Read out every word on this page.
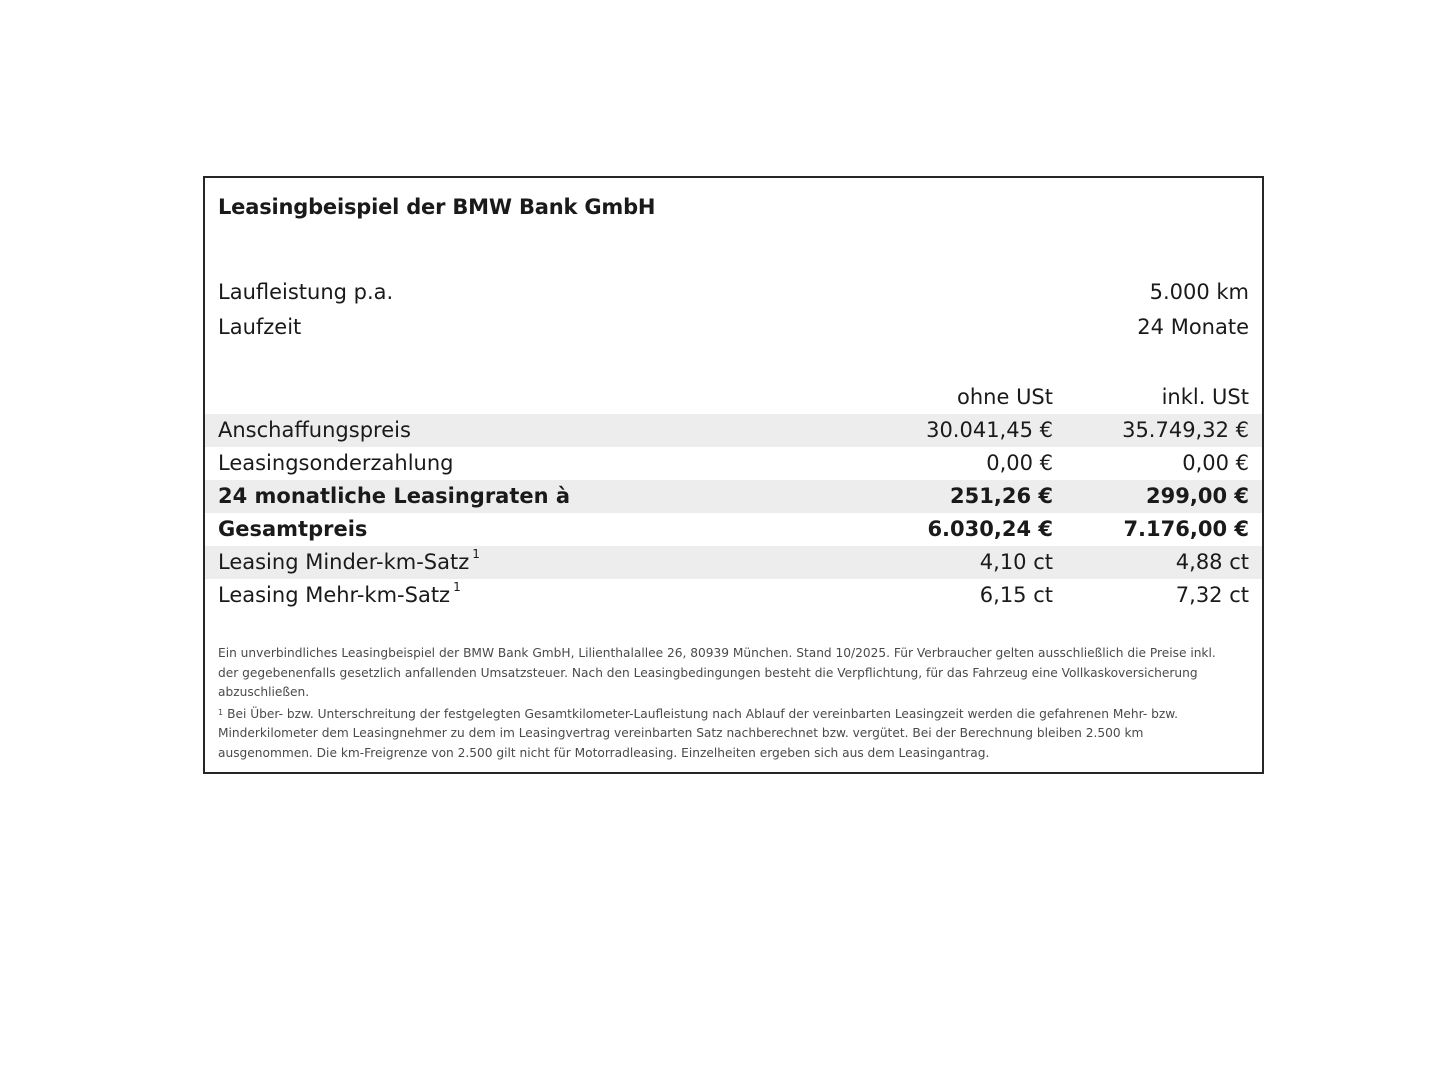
Leasingbeispiel der BMW Bank GmbH
Laufleistung p.a.	5.000 km
Laufzeit	24 Monate
ohne USt	inkl. USt
Anschaffungspreis	30.041,45 €	35.749,32 €
Leasingsonderzahlung	0,00 €	0,00 €
24 monatliche Leasingraten à	251,26 €	299,00 €
Gesamtpreis	6.030,24 €	7.176,00 €
Leasing Minder-km-Satz $^1$	4,10 ct	4,88 ct
Leasing Mehr-km-Satz $^1$	6,15 ct	7,32 ct

Ein unverbindliches Leasingbeispiel der BMW Bank GmbH, Lilienthalallee 26, 80939 München. Stand 10/2025. Für Verbraucher gelten ausschließlich die Preise inkl. der gegebenenfalls gesetzlich anfallenden Umsatzsteuer. Nach den Leasingbedingungen besteht die Verpflichtung, für das Fahrzeug eine Vollkaskoversicherung abzuschließen.

$^1$ Bei Über- bzw. Unterschreitung der festgelegten Gesamtkilometer-Laufleistung nach Ablauf der vereinbarten Leasingzeit werden die gefahrenen Mehr- bzw. Minderkilometer dem Leasingnehmer zu dem im Leasingvertrag vereinbarten Satz nachberechnet bzw. vergütet. Bei der Berechnung bleiben 2.500 km ausgenommen. Die km-Freigrenze von 2.500 gilt nicht für Motorradleasing. Einzelheiten ergeben sich aus dem Leasingantrag.
